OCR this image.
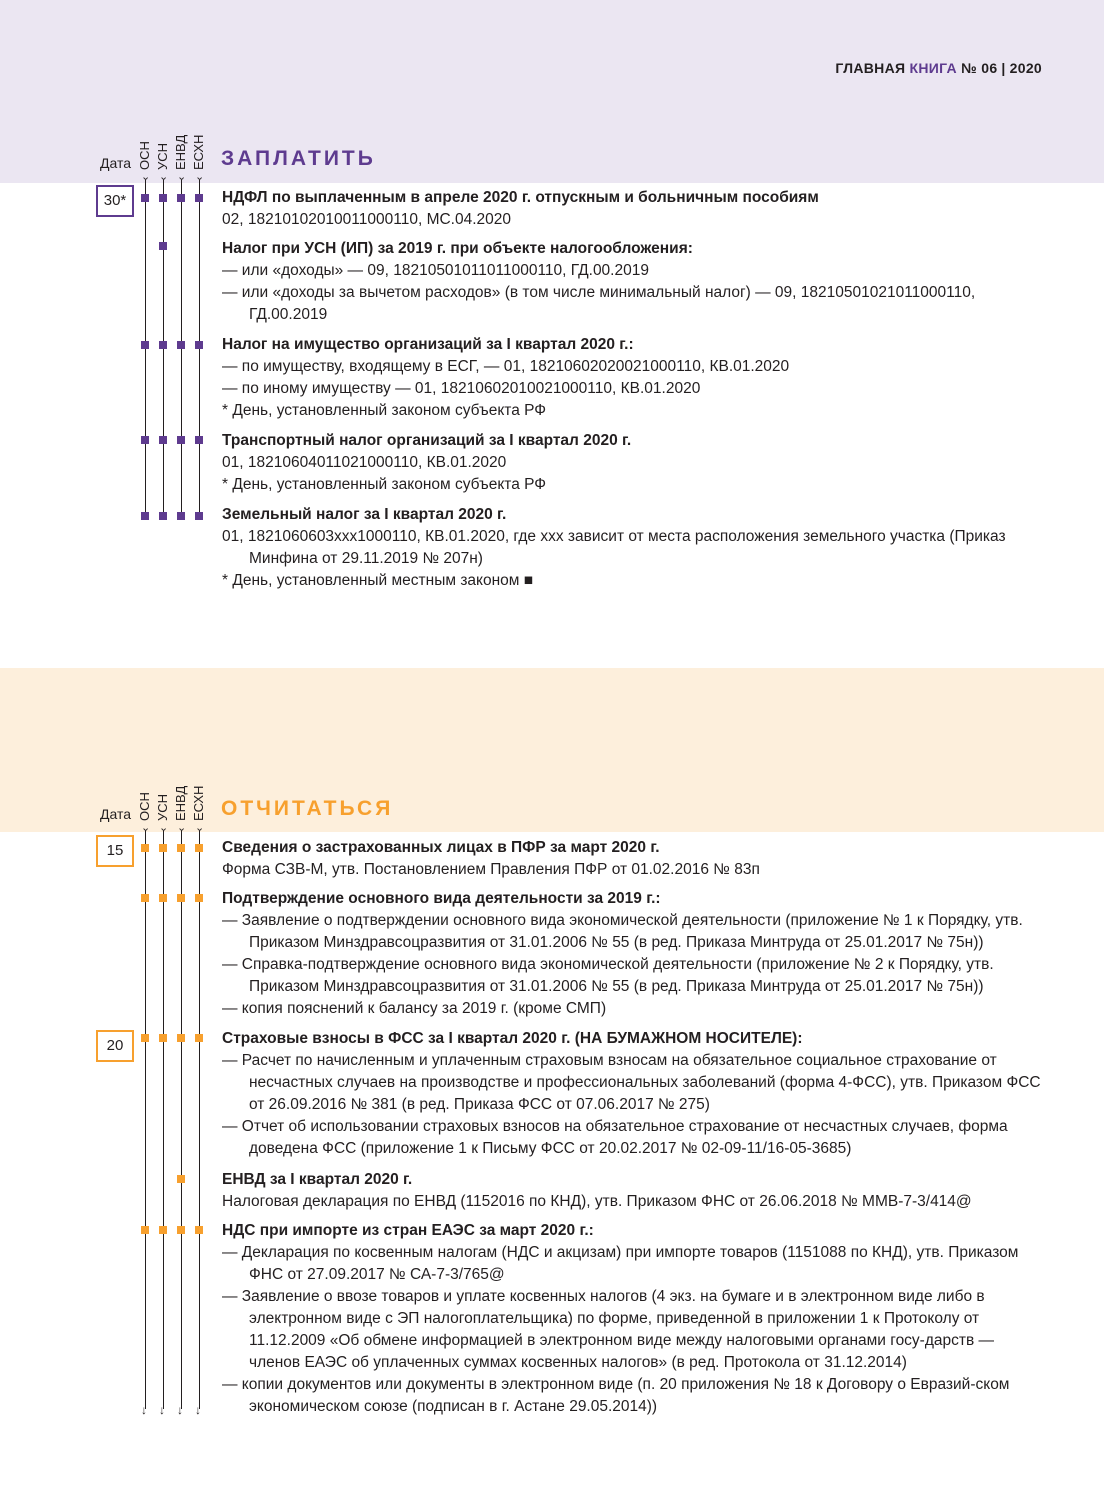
ГЛАВНАЯ КНИГА № 06 | 2020
Дата ОСН УСН ЕНВД ЕСХН ЗАПЛАТИТЬ
Дата ОСН УСН ЕНВД ЕСХН ОТЧИТАТЬСЯ
⌄ ⌄ ⌄ ⌄
⌄ ⌄ ⌄ ⌄
↓ ↓ ↓ ↓
30*
15
20
НДФЛ по выплаченным в апреле 2020 г. отпускным и больничным пособиям
02, 18210102010011000110, МС.04.2020
Налог при УСН (ИП) за 2019 г. при объекте налогообложения:
— или «доходы» — 09, 18210501011011000110, ГД.00.2019
— или «доходы за вычетом расходов» (в том числе минимальный налог) — 09, 18210501021011000110, ГД.00.2019
Налог на имущество организаций за I квартал 2020 г.:
— по имуществу, входящему в ЕСГ, — 01, 18210602020021000110, КВ.01.2020
— по иному имуществу — 01, 18210602010021000110, КВ.01.2020
* День, установленный законом субъекта РФ
Транспортный налог организаций за I квартал 2020 г.
01, 18210604011021000110, КВ.01.2020
* День, установленный законом субъекта РФ
Земельный налог за I квартал 2020 г.
01, 1821060603xxx1000110, КВ.01.2020, где xxx зависит от места расположения земельного участка (Приказ Минфина от 29.11.2019 № 207н)
* День, установленный местным законом ■
Сведения о застрахованных лицах в ПФР за март 2020 г.
Форма СЗВ-М, утв. Постановлением Правления ПФР от 01.02.2016 № 83п
Подтверждение основного вида деятельности за 2019 г.:
— Заявление о подтверждении основного вида экономической деятельности (приложение № 1 к Порядку, утв. Приказом Минздравсоцразвития от 31.01.2006 № 55 (в ред. Приказа Минтруда от 25.01.2017 № 75н))
— Справка-подтверждение основного вида экономической деятельности (приложение № 2 к Порядку, утв. Приказом Минздравсоцразвития от 31.01.2006 № 55 (в ред. Приказа Минтруда от 25.01.2017 № 75н))
— копия пояснений к балансу за 2019 г. (кроме СМП)
Страховые взносы в ФСС за I квартал 2020 г. (НА БУМАЖНОМ НОСИТЕЛЕ):
— Расчет по начисленным и уплаченным страховым взносам на обязательное социальное страхование от несчастных случаев на производстве и профессиональных заболеваний (форма 4-ФСС), утв. Приказом ФСС от 26.09.2016 № 381 (в ред. Приказа ФСС от 07.06.2017 № 275)
— Отчет об использовании страховых взносов на обязательное страхование от несчастных случаев, форма доведена ФСС (приложение 1 к Письму ФСС от 20.02.2017 № 02-09-11/16-05-3685)
ЕНВД за I квартал 2020 г.
Налоговая декларация по ЕНВД (1152016 по КНД), утв. Приказом ФНС от 26.06.2018 № ММВ-7-3/414@
НДС при импорте из стран ЕАЭС за март 2020 г.:
— Декларация по косвенным налогам (НДС и акцизам) при импорте товаров (1151088 по КНД), утв. Приказом ФНС от 27.09.2017 № СА-7-3/765@
— Заявление о ввозе товаров и уплате косвенных налогов (4 экз. на бумаге и в электронном виде либо в электронном виде с ЭП налогоплательщика) по форме, приведенной в приложении 1 к Протоколу от 11.12.2009 «Об обмене информацией в электронном виде между налоговыми органами госу-дарств — членов ЕАЭС об уплаченных суммах косвенных налогов» (в ред. Протокола от 31.12.2014)
— копии документов или документы в электронном виде (п. 20 приложения № 18 к Договору о Евразий-ском экономическом союзе (подписан в г. Астане 29.05.2014))
